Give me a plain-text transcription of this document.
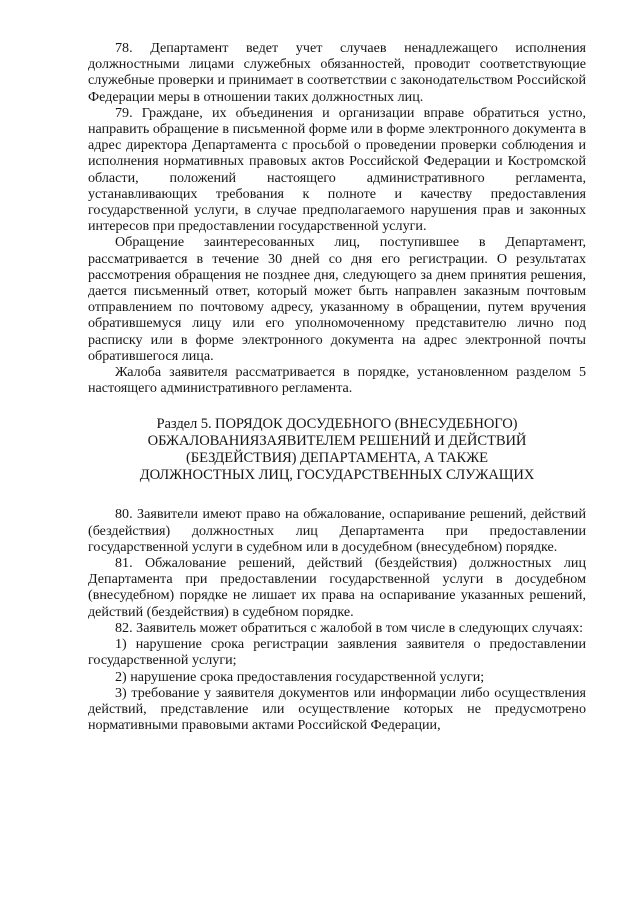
78. Департамент ведет учет случаев ненадлежащего исполнения должностными лицами служебных обязанностей, проводит соответствующие служебные проверки и принимает в соответствии с законодательством Российской Федерации меры в отношении таких должностных лиц.

79. Граждане, их объединения и организации вправе обратиться устно, направить обращение в письменной форме или в форме электронного документа в адрес директора Департамента с просьбой о проведении проверки соблюдения и исполнения нормативных правовых актов Российской Федерации и Костромской области, положений настоящего административного регламента, устанавливающих требования к полноте и качеству предоставления государственной услуги, в случае предполагаемого нарушения прав и законных интересов при предоставлении государственной услуги.

Обращение заинтересованных лиц, поступившее в Департамент, рассматривается в течение 30 дней со дня его регистрации. О результатах рассмотрения обращения не позднее дня, следующего за днем принятия решения, дается письменный ответ, который может быть направлен заказным почтовым отправлением по почтовому адресу, указанному в обращении, путем вручения обратившемуся лицу или его уполномоченному представителю лично под расписку или в форме электронного документа на адрес электронной почты обратившегося лица.

Жалоба заявителя рассматривается в порядке, установленном разделом 5 настоящего административного регламента.

Раздел 5. ПОРЯДОК ДОСУДЕБНОГО (ВНЕСУДЕБНОГО)
ОБЖАЛОВАНИЯЗАЯВИТЕЛЕМ РЕШЕНИЙ И ДЕЙСТВИЙ
(БЕЗДЕЙСТВИЯ) ДЕПАРТАМЕНТА, А ТАКЖЕ
ДОЛЖНОСТНЫХ ЛИЦ, ГОСУДАРСТВЕННЫХ СЛУЖАЩИХ

80. Заявители имеют право на обжалование, оспаривание решений, действий (бездействия) должностных лиц Департамента при предоставлении государственной услуги в судебном или в досудебном (внесудебном) порядке.

81. Обжалование решений, действий (бездействия) должностных лиц Департамента при предоставлении государственной услуги в досудебном (внесудебном) порядке не лишает их права на оспаривание указанных решений, действий (бездействия) в судебном порядке.

82. Заявитель может обратиться с жалобой в том числе в следующих случаях:

1) нарушение срока регистрации заявления заявителя о предоставлении государственной услуги;

2) нарушение срока предоставления государственной услуги;

3) требование у заявителя документов или информации либо осуществления действий, представление или осуществление которых не предусмотрено нормативными правовыми актами Российской Федерации,
